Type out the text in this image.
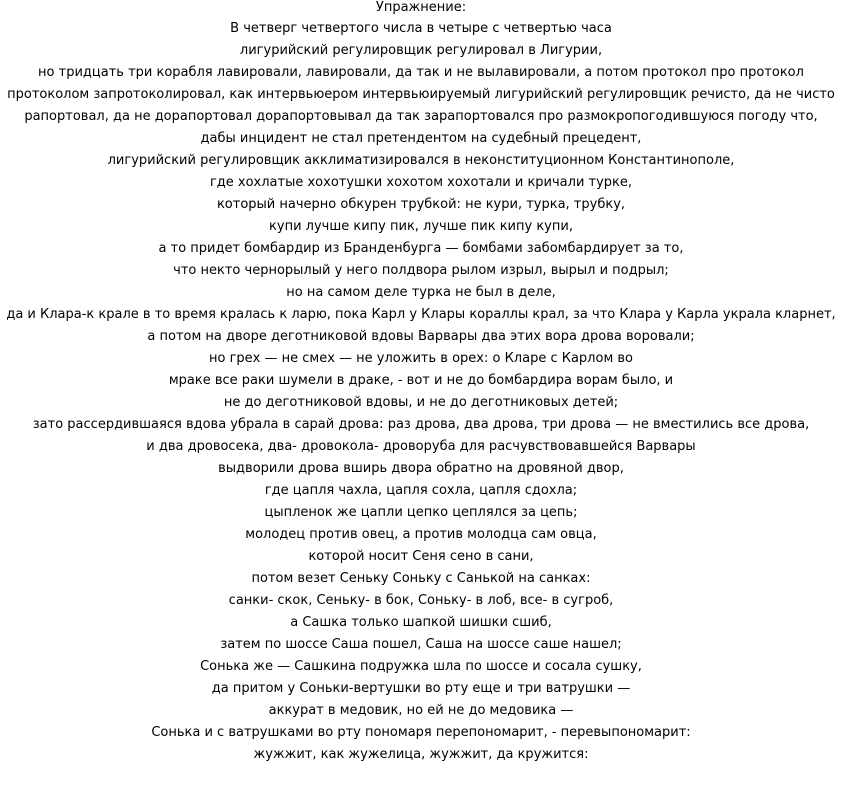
Упражнение:
В четверг четвертого числа в четыре с четвертью часа
лигурийский регулировщик регулировал в Лигурии,
но тридцать три корабля лавировали, лавировали, да так и не вылавировали, а потом протокол про протокол протоколом запротоколировал, как интервьюером интервьюируемый лигурийский регулировщик речисто, да не чисто рапортовал, да не дорапортовал дорапортовывал да так зарапортовался про размокропогодившуюся погоду что, дабы инцидент не стал претендентом на судебный прецедент,
лигурийский регулировщик акклиматизировался в неконституционном Константинополе,
где хохлатые хохотушки хохотом хохотали и кричали турке,
который начерно обкурен трубкой: не кури, турка, трубку,
купи лучше кипу пик, лучше пик кипу купи,
а то придет бомбардир из Бранденбурга — бомбами забомбардирует за то,
что некто чернорылый у него полдвора рылом изрыл, вырыл и подрыл;
но на самом деле турка не был в деле,
да и Клара-к крале в то время кралась к ларю, пока Карл у Клары кораллы крал, за что Клара у Карла украла кларнет,
а потом на дворе деготниковой вдовы Варвары два этих вора дрова воровали;
но грех — не смех — не уложить в орех: о Кларе с Карлом во
мраке все раки шумели в драке, - вот и не до бомбардира ворам было, и
не до деготниковой вдовы, и не до деготниковых детей;
зато рассердившаяся вдова убрала в сарай дрова: раз дрова, два дрова, три дрова — не вместились все дрова,
и два дровосека, два- дровокола- дроворуба для расчувствовавшейся Варвары
выдворили дрова вширь двора обратно на дровяной двор,
где цапля чахла, цапля сохла, цапля сдохла;
цыпленок же цапли цепко цеплялся за цепь;
молодец против овец, а против молодца сам овца,
которой носит Сеня сено в сани,
потом везет Сеньку Соньку с Санькой на санках:
санки- скок, Сеньку- в бок, Соньку- в лоб, все- в сугроб,
а Сашка только шапкой шишки сшиб,
затем по шоссе Саша пошел, Саша на шоссе саше нашел;
Сонька же — Сашкина подружка шла по шоссе и сосала сушку,
да притом у Соньки-вертушки во рту еще и три ватрушки —
аккурат в медовик, но ей не до медовика —
Сонька и с ватрушками во рту пономаря перепономарит, - перевыпономарит:
жужжит, как жужелица, жужжит, да кружится:
